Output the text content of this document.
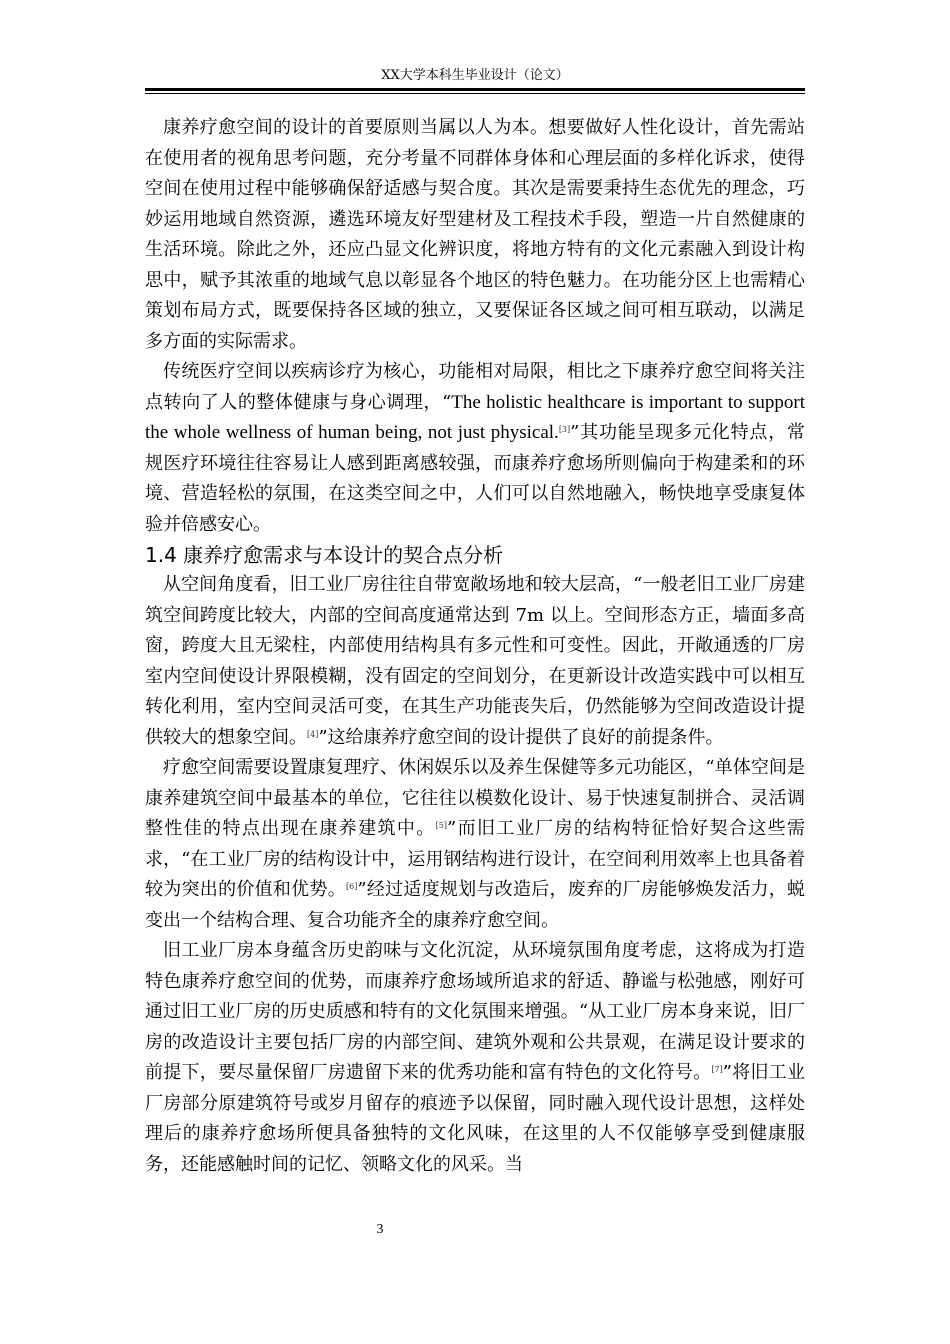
XX大学本科生毕业设计（论文）

康养疗愈空间的设计的首要原则当属以人为本。想要做好人性化设计，首先需站在使用者的视角思考问题，充分考量不同群体身体和心理层面的多样化诉求，使得空间在使用过程中能够确保舒适感与契合度。其次是需要秉持生态优先的理念，巧妙运用地域自然资源，遴选环境友好型建材及工程技术手段，塑造一片自然健康的生活环境。除此之外，还应凸显文化辨识度，将地方特有的文化元素融入到设计构思中，赋予其浓重的地域气息以彰显各个地区的特色魅力。在功能分区上也需精心策划布局方式，既要保持各区域的独立，又要保证各区域之间可相互联动，以满足多方面的实际需求。

传统医疗空间以疾病诊疗为核心，功能相对局限，相比之下康养疗愈空间将关注点转向了人的整体健康与身心调理，“The holistic healthcare is important to support the whole wellness of human being, not just physical.[3]”其功能呈现多元化特点，常规医疗环境往往容易让人感到距离感较强，而康养疗愈场所则偏向于构建柔和的环境、营造轻松的氛围，在这类空间之中，人们可以自然地融入，畅快地享受康复体验并倍感安心。

1.4 康养疗愈需求与本设计的契合点分析

从空间角度看，旧工业厂房往往自带宽敞场地和较大层高，“一般老旧工业厂房建筑空间跨度比较大，内部的空间高度通常达到 7m 以上。空间形态方正，墙面多高窗，跨度大且无梁柱，内部使用结构具有多元性和可变性。因此，开敞通透的厂房室内空间使设计界限模糊，没有固定的空间划分，在更新设计改造实践中可以相互转化利用，室内空间灵活可变，在其生产功能丧失后，仍然能够为空间改造设计提供较大的想象空间。[4]”这给康养疗愈空间的设计提供了良好的前提条件。

疗愈空间需要设置康复理疗、休闲娱乐以及养生保健等多元功能区，“单体空间是康养建筑空间中最基本的单位，它往往以模数化设计、易于快速复制拼合、灵活调整性佳的特点出现在康养建筑中。[5]”而旧工业厂房的结构特征恰好契合这些需求，“在工业厂房的结构设计中，运用钢结构进行设计，在空间利用效率上也具备着较为突出的价值和优势。[6]”经过适度规划与改造后，废弃的厂房能够焕发活力，蜕变出一个结构合理、复合功能齐全的康养疗愈空间。

旧工业厂房本身蕴含历史韵味与文化沉淀，从环境氛围角度考虑，这将成为打造特色康养疗愈空间的优势，而康养疗愈场域所追求的舒适、静谧与松弛感，刚好可通过旧工业厂房的历史质感和特有的文化氛围来增强。“从工业厂房本身来说，旧厂房的改造设计主要包括厂房的内部空间、建筑外观和公共景观，在满足设计要求的前提下，要尽量保留厂房遗留下来的优秀功能和富有特色的文化符号。[7]”将旧工业厂房部分原建筑符号或岁月留存的痕迹予以保留，同时融入现代设计思想，这样处理后的康养疗愈场所便具备独特的文化风味，在这里的人不仅能够享受到健康服务，还能感触时间的记忆、领略文化的风采。当

3
